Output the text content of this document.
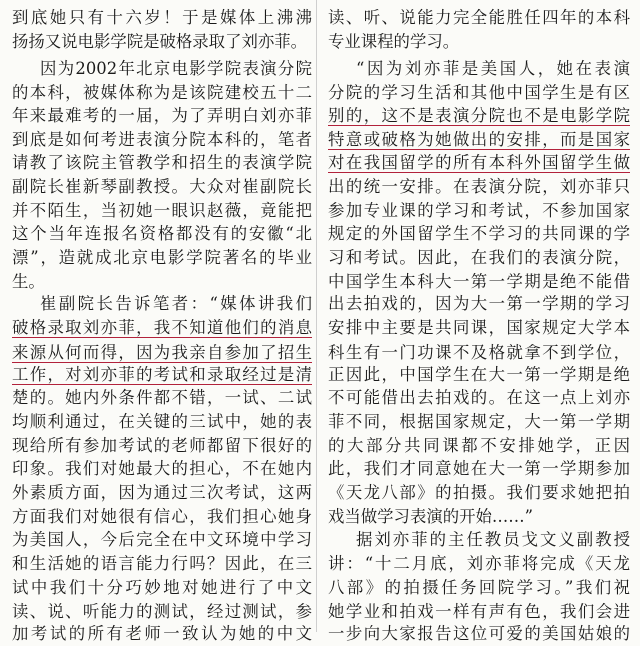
到底她只有十六岁！于是媒体上沸沸
扬扬又说电影学院是破格录取了刘亦菲。
因为2002年北京电影学院表演分院
的本科，被媒体称为是该院建校五十二
年来最难考的一届，为了弄明白刘亦菲
到底是如何考进表演分院本科的，笔者
请教了该院主管教学和招生的表演学院
副院长崔新琴副教授。大众对崔副院长
并不陌生，当初她一眼识赵薇，竟能把
这个当年连报名资格都没有的安徽“北
漂”，造就成北京电影学院著名的毕业
生。
崔副院长告诉笔者：“媒体讲我们
破格录取刘亦菲，我不知道他们的消息
来源从何而得，因为我亲自参加了招生
工作，对刘亦菲的考试和录取经过是清
楚的。她内外条件都不错，一试、二试
均顺利通过，在关键的三试中，她的表
现给所有参加考试的老师都留下很好的
印象。我们对她最大的担心，不在她内
外素质方面，因为通过三次考试，这两
方面我们对她很有信心，我们担心她身
为美国人，今后完全在中文环境中学习
和生活她的语言能力行吗？因此，在三
试中我们十分巧妙地对她进行了中文
读、说、听能力的测试，经过测试，参
加考试的所有老师一致认为她的中文
读、听、说能力完全能胜任四年的本科
专业课程的学习。
“因为刘亦菲是美国人，她在表演
分院的学习生活和其他中国学生是有区
别的，这不是表演分院也不是电影学院
特意或破格为她做出的安排，而是国家
对在我国留学的所有本科外国留学生做
出的统一安排。在表演分院，刘亦菲只
参加专业课的学习和考试，不参加国家
规定的外国留学生不学习的共同课的学
习和考试。因此，在我们的表演分院，
中国学生本科大一第一学期是绝不能借
出去拍戏的，因为大一第一学期的学习
安排中主要是共同课，国家规定大学本
科生有一门功课不及格就拿不到学位，
正因此，中国学生在大一第一学期是绝
不可能借出去拍戏的。在这一点上刘亦
菲不同，根据国家规定，大一第一学期
的大部分共同课都不安排她学，正因
此，我们才同意她在大一第一学期参加
《天龙八部》的拍摄。我们要求她把拍
戏当做学习表演的开始……”
据刘亦菲的主任教员戈文义副教授
讲：“十二月底，刘亦菲将完成《天龙
八部》的拍摄任务回院学习。”我们祝
她学业和拍戏一样有声有色，我们会进
一步向大家报告这位可爱的美国姑娘的
